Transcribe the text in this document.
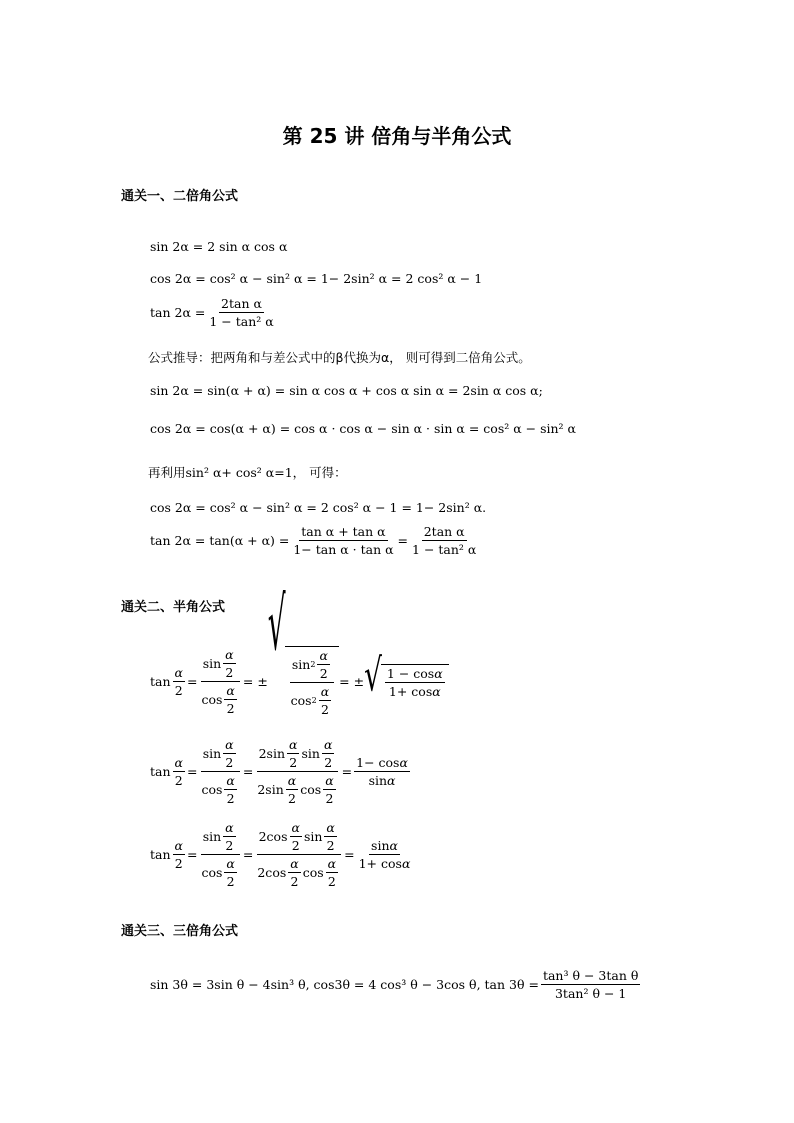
第 25 讲 倍角与半角公式
通关一、二倍角公式
sin 2α = 2 sin α cos α
cos 2α = cos² α − sin² α = 1− 2sin² α = 2 cos² α − 1
$\tan 2\alpha = \frac{\text{2tan α}}{\text{1 − tan² α}}$
公式推导：把两角和与差公式中的β代换为α， 则可得到二倍角公式。
sin 2α = sin(α + α) = sin α cos α + cos α sin α = 2sin α cos α;
cos 2α = cos(α + α) = cos α · cos α − sin α · sin α = cos² α − sin² α
再利用sin² α+ cos² α=1， 可得：
cos 2α = cos² α − sin² α = 2 cos² α − 1 = 1− 2sin² α.
$\tan 2\alpha = \tan(\alpha + \alpha) = \frac{\text{tan α + tan α}}{\text{1− tan α · tan α}} = \frac{\text{2tan α}}{\text{1 − tan² α}}$
通关二、半角公式
$\tan \frac{\alpha}{2} = \frac{\sin \frac{\alpha}{2}}{\cos \frac{\alpha}{2}}$ = ±
√
$\frac{\sin 2 \frac{\alpha}{2}}{\cos 2 \frac{\alpha}{2}}$ = ± √ $\frac{1 - \cos\alpha}{1+ \cos\alpha}$
$\tan \frac{\alpha}{2} = \frac{\sin \frac{\alpha}{2}}{\cos \frac{\alpha}{2}} = \frac{2\sin \frac{\alpha}{2} \sin \frac{\alpha}{2}}{2\sin \frac{\alpha}{2} \cos \frac{\alpha}{2}} = \frac{1- \cos\alpha}{\sin\alpha}$
$\tan \frac{\alpha}{2} = \frac{\sin \frac{\alpha}{2}}{\cos \frac{\alpha}{2}} = \frac{2\cos \frac{\alpha}{2} \sin \frac{\alpha}{2}}{2\cos \frac{\alpha}{2} \cos \frac{\alpha}{2}} = \frac{\sin\alpha}{1+ \cos\alpha}$
通关三、三倍角公式
sin 3θ = 3sin θ − 4sin³ θ, cos3θ = 4 cos³ θ − 3cos θ, $\tan 3\theta = \frac{\text{tan³ θ − 3tan θ}}{\text{3tan² θ − 1}}$
